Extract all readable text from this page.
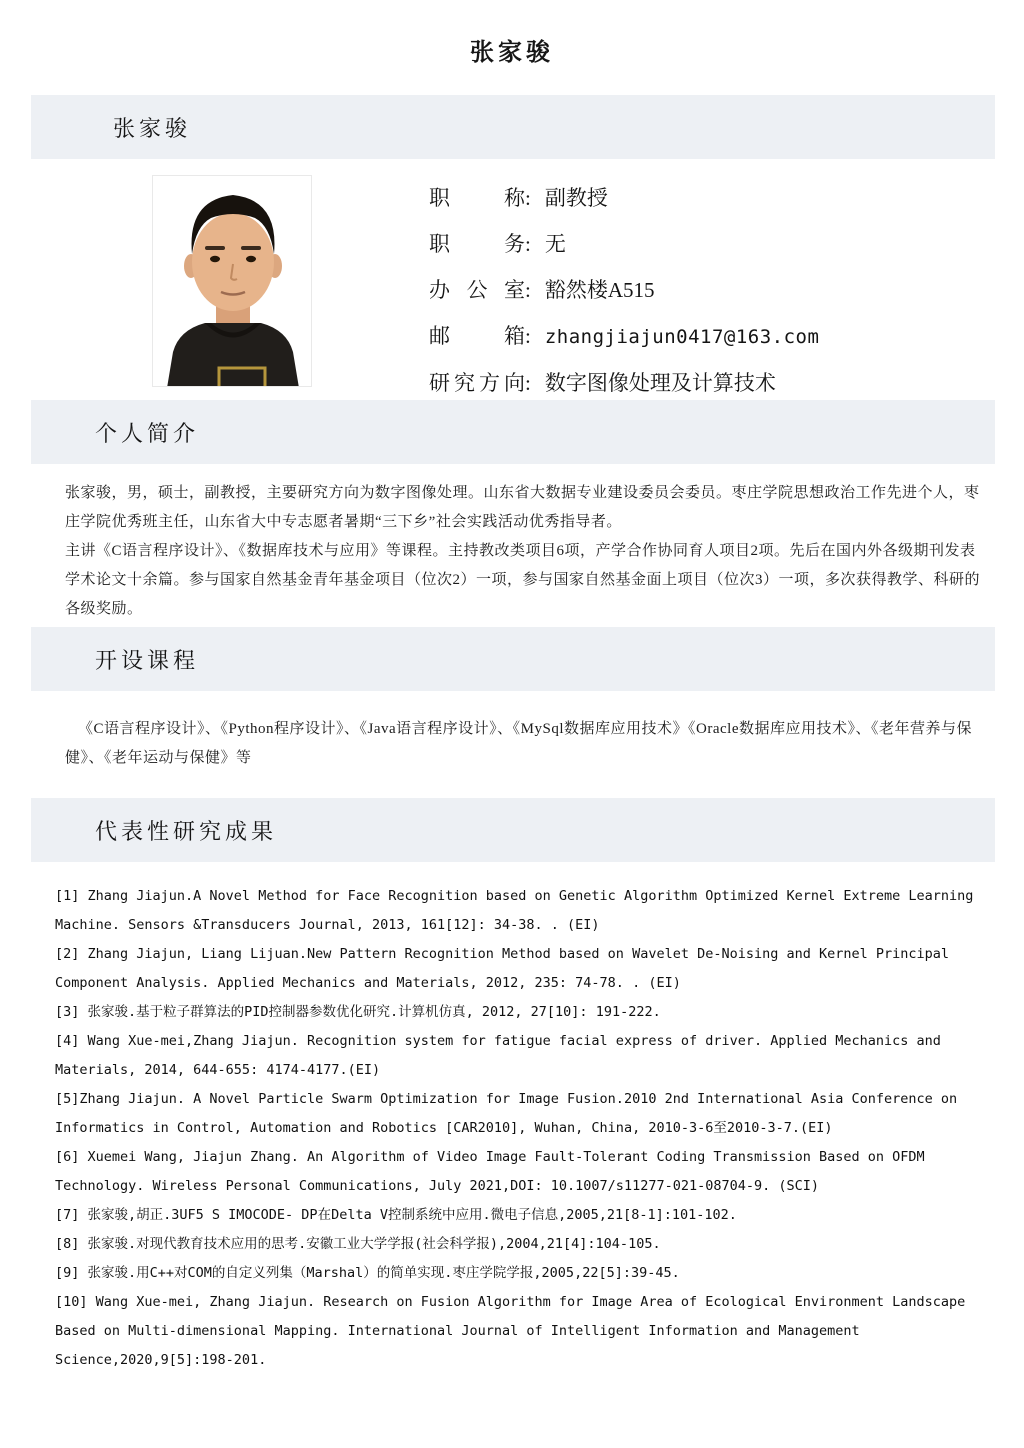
张家骏
张家骏
职称: 副教授
职务: 无
办公室: 豁然楼A515
邮箱: zhangjiajun0417@163.com
研究方向: 数字图像处理及计算技术
个人简介

张家骏，男，硕士，副教授，主要研究方向为数字图像处理。山东省大数据专业建设委员会委员。枣庄学院思想政治工作先进个人，枣庄学院优秀班主任，山东省大中专志愿者暑期“三下乡”社会实践活动优秀指导者。

主讲《C语言程序设计》、《数据库技术与应用》等课程。主持教改类项目6项，产学合作协同育人项目2项。先后在国内外各级期刊发表学术论文十余篇。参与国家自然基金青年基金项目（位次2）一项，参与国家自然基金面上项目（位次3）一项，多次获得教学、科研的各级奖励。

开设课程
《C语言程序设计》、《Python程序设计》、《Java语言程序设计》、《MySql数据库应用技术》《Oracle数据库应用技术》、《老年营养与保健》、《老年运动与保健》等
代表性研究成果

[1] Zhang Jiajun.A Novel Method for Face Recognition based on Genetic Algorithm Optimized Kernel Extreme Learning Machine. Sensors &Transducers Journal, 2013, 161[12]: 34-38. . (EI)

[2] Zhang Jiajun, Liang Lijuan.New Pattern Recognition Method based on Wavelet De-Noising and Kernel Principal Component Analysis. Applied Mechanics and Materials, 2012, 235: 74-78. . (EI)

[3] 张家骏.基于粒子群算法的PID控制器参数优化研究.计算机仿真, 2012, 27[10]: 191-222.

[4] Wang Xue-mei,Zhang Jiajun. Recognition system for fatigue facial express of driver. Applied Mechanics and Materials, 2014, 644-655: 4174-4177.(EI)

[5]Zhang Jiajun. A Novel Particle Swarm Optimization for Image Fusion.2010 2nd International Asia Conference on Informatics in Control, Automation and Robotics [CAR2010], Wuhan, China, 2010-3-6至2010-3-7.(EI)

[6] Xuemei Wang, Jiajun Zhang. An Algorithm of Video Image Fault-Tolerant Coding Transmission Based on OFDM Technology. Wireless Personal Communications, July 2021,DOI: 10.1007/s11277-021-08704-9. (SCI)

[7] 张家骏,胡正.3UF5 S IMOCODE- DP在Delta V控制系统中应用.微电子信息,2005,21[8-1]:101-102.

[8] 张家骏.对现代教育技术应用的思考.安徽工业大学学报(社会科学报),2004,21[4]:104-105.

[9] 张家骏.用C++对COM的自定义列集（Marshal）的简单实现.枣庄学院学报,2005,22[5]:39-45.

[10] Wang Xue-mei, Zhang Jiajun. Research on Fusion Algorithm for Image Area of Ecological Environment Landscape Based on Multi-dimensional Mapping. International Journal of Intelligent Information and Management Science,2020,9[5]:198-201.
